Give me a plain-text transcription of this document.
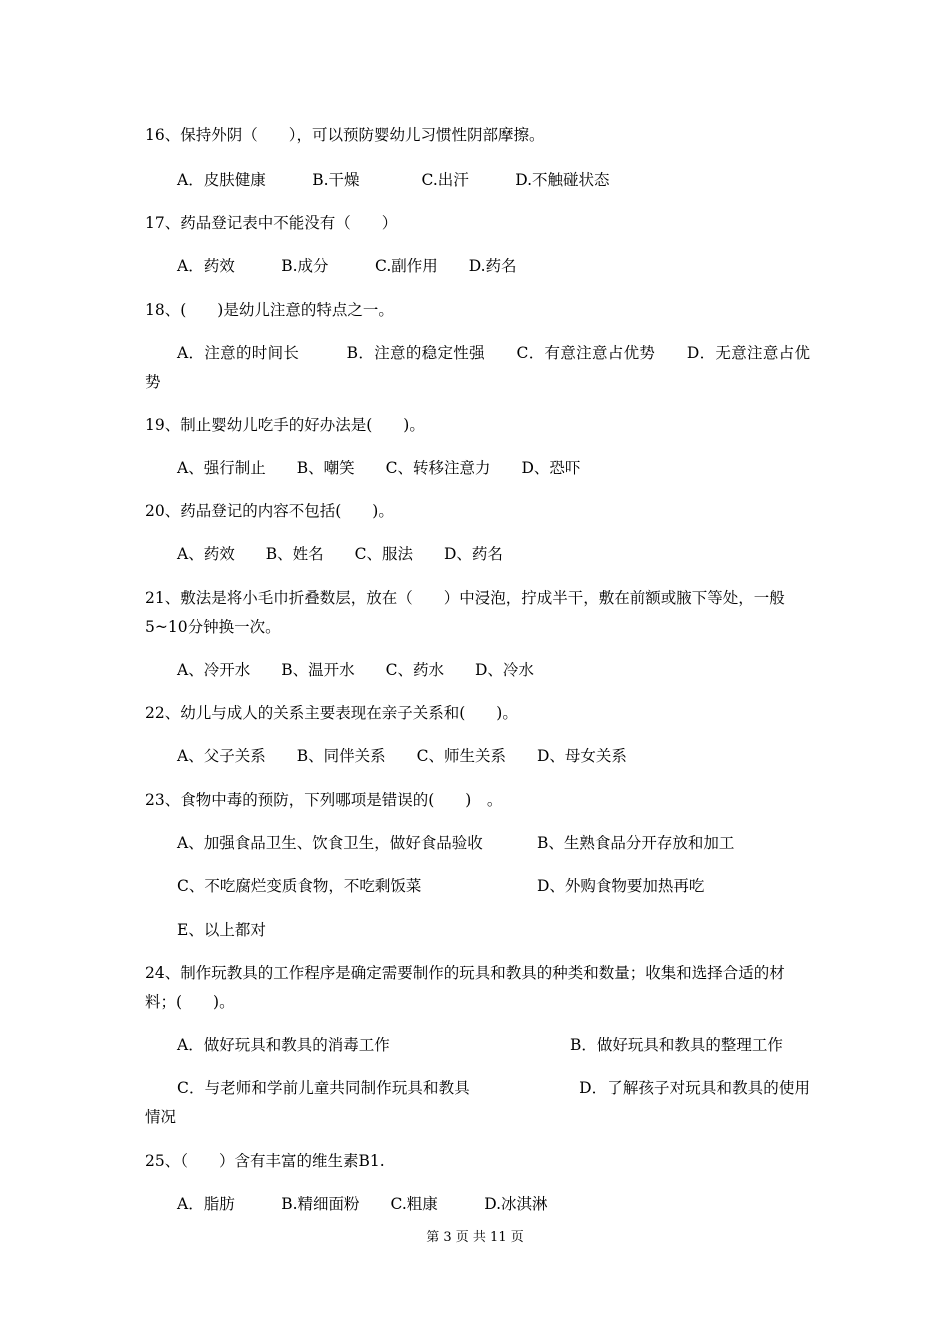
16、保持外阴（　　），可以预防婴幼儿习惯性阴部摩擦。
A．皮肤健康　　　B.干燥　　　　C.出汗　　　D.不触碰状态
17、药品登记表中不能没有（　　）
A．药效　　　B.成分　　　C.副作用　　D.药名
18、(　　)是幼儿注意的特点之一。
A．注意的时间长　　　B．注意的稳定性强　　C．有意注意占优势　　D．无意注意占优势
19、制止婴幼儿吃手的好办法是(　　)。
A、强行制止　　B、嘲笑　　C、转移注意力　　D、恐吓
20、药品登记的内容不包括(　　)。
A、药效　　B、姓名　　C、服法　　D、药名
21、敷法是将小毛巾折叠数层，放在（　　）中浸泡，拧成半干，敷在前额或腋下等处，一般5~10分钟换一次。
A、冷开水　　B、温开水　　C、药水　　D、冷水
22、幼儿与成人的关系主要表现在亲子关系和(　　)。
A、父子关系　　B、同伴关系　　C、师生关系　　D、母女关系
23、食物中毒的预防，下列哪项是错误的(　　)　。
A、加强食品卫生、饮食卫生，做好食品验收	B、生熟食品分开存放和加工
C、不吃腐烂变质食物，不吃剩饭菜	D、外购食物要加热再吃
E、以上都对
24、制作玩教具的工作程序是确定需要制作的玩具和教具的种类和数量；收集和选择合适的材料；(　　)。
A．做好玩具和教具的消毒工作	B．做好玩具和教具的整理工作
C．与老师和学前儿童共同制作玩具和教具　　　　　　　D．了解孩子对玩具和教具的使用情况
25、（　　）含有丰富的维生素B1.
A．脂肪　　　B.精细面粉　　C.粗康　　　D.冰淇淋
第 3 页 共 11 页
